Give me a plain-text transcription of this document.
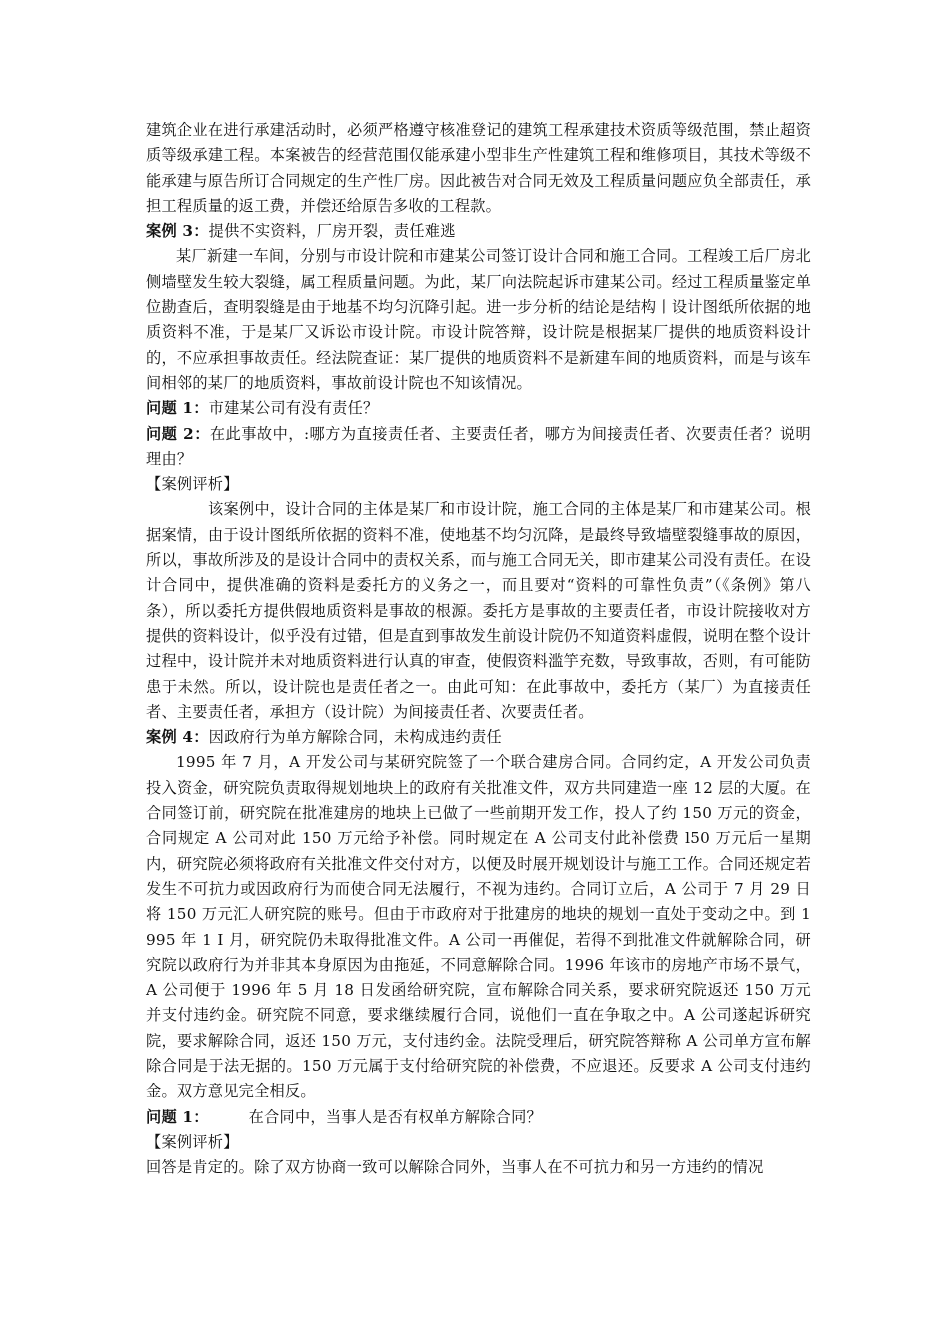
建筑企业在进行承建活动时，必须严格遵守核准登记的建筑工程承建技术资质等级范围，禁止超资质等级承建工程。本案被告的经营范围仅能承建小型非生产性建筑工程和维修项目，其技术等级不能承建与原告所订合同规定的生产性厂房。因此被告对合同无效及工程质量问题应负全部责任，承担工程质量的返工费，并偿还给原告多收的工程款。

案例 3：提供不实资料，厂房开裂，责任难逃

某厂新建一车间，分别与市设计院和市建某公司签订设计合同和施工合同。工程竣工后厂房北侧墙壁发生较大裂缝，属工程质量问题。为此，某厂向法院起诉市建某公司。经过工程质量鉴定单位勘查后，查明裂缝是由于地基不均匀沉降引起。进一步分析的结论是结构丨设计图纸所依据的地质资料不准，于是某厂又诉讼市设计院。市设计院答辩，设计院是根据某厂提供的地质资料设计的，不应承担事故责任。经法院查证：某厂提供的地质资料不是新建车间的地质资料，而是与该车间相邻的某厂的地质资料，事故前设计院也不知该情况。

问题 1：市建某公司有没有责任？

问题 2：在此事故中，:哪方为直接责任者、主要责任者，哪方为间接责任者、次要责任者？说明理由？

【案例评析】

该案例中，设计合同的主体是某厂和市设计院，施工合同的主体是某厂和市建某公司。根据案情，由于设计图纸所依据的资料不准，使地基不均匀沉降，是最终导致墙壁裂缝事故的原因，所以，事故所涉及的是设计合同中的责权关系，而与施工合同无关，即市建某公司没有责任。在设计合同中，提供准确的资料是委托方的义务之一，而且要对“资料的可靠性负责”（《条例》第八条），所以委托方提供假地质资料是事故的根源。委托方是事故的主要责任者，市设计院接收对方提供的资料设计，似乎没有过错，但是直到事故发生前设计院仍不知道资料虚假，说明在整个设计过程中，设计院并未对地质资料进行认真的审查，使假资料滥竽充数，导致事故，否则，有可能防患于未然。所以，设计院也是责任者之一。由此可知：在此事故中，委托方（某厂）为直接责任者、主要责任者，承担方（设计院）为间接责任者、次要责任者。

案例 4：因政府行为单方解除合同，未构成违约责任

1995 年 7 月，A 开发公司与某研究院签了一个联合建房合同。合同约定，A 开发公司负责投入资金，研究院负责取得规划地块上的政府有关批准文件，双方共同建造一座 12 层的大厦。在合同签订前，研究院在批准建房的地块上已做了一些前期开发工作，投人了约 150 万元的资金，合同规定 A 公司对此 150 万元给予补偿。同时规定在 A 公司支付此补偿费 l50 万元后一星期内，研究院必须将政府有关批准文件交付对方，以便及时展开规划设计与施工工作。合同还规定若发生不可抗力或因政府行为而使合同无法履行，不视为违约。合同订立后，A 公司于 7 月 29 日将 150 万元汇人研究院的账号。但由于市政府对于批建房的地块的规划一直处于变动之中。到 1995 年 1 I 月，研究院仍未取得批准文件。A 公司一再催促，若得不到批准文件就解除合同，研究院以政府行为并非其本身原因为由拖延，不同意解除合同。1996 年该市的房地产市场不景气，A 公司便于 1996 年 5 月 18 日发函给研究院，宣布解除合同关系，要求研究院返还 150 万元并支付违约金。研究院不同意，要求继续履行合同，说他们一直在争取之中。A 公司遂起诉研究院，要求解除合同，返还 150 万元，支付违约金。法院受理后，研究院答辩称 A 公司单方宣布解除合同是于法无据的。150 万元属于支付给研究院的补偿费，不应退还。反要求 A 公司支付违约金。双方意见完全相反。

问题 1：	在合同中，当事人是否有权单方解除合同？

【案例评析】

回答是肯定的。除了双方协商一致可以解除合同外，当事人在不可抗力和另一方违约的情况
